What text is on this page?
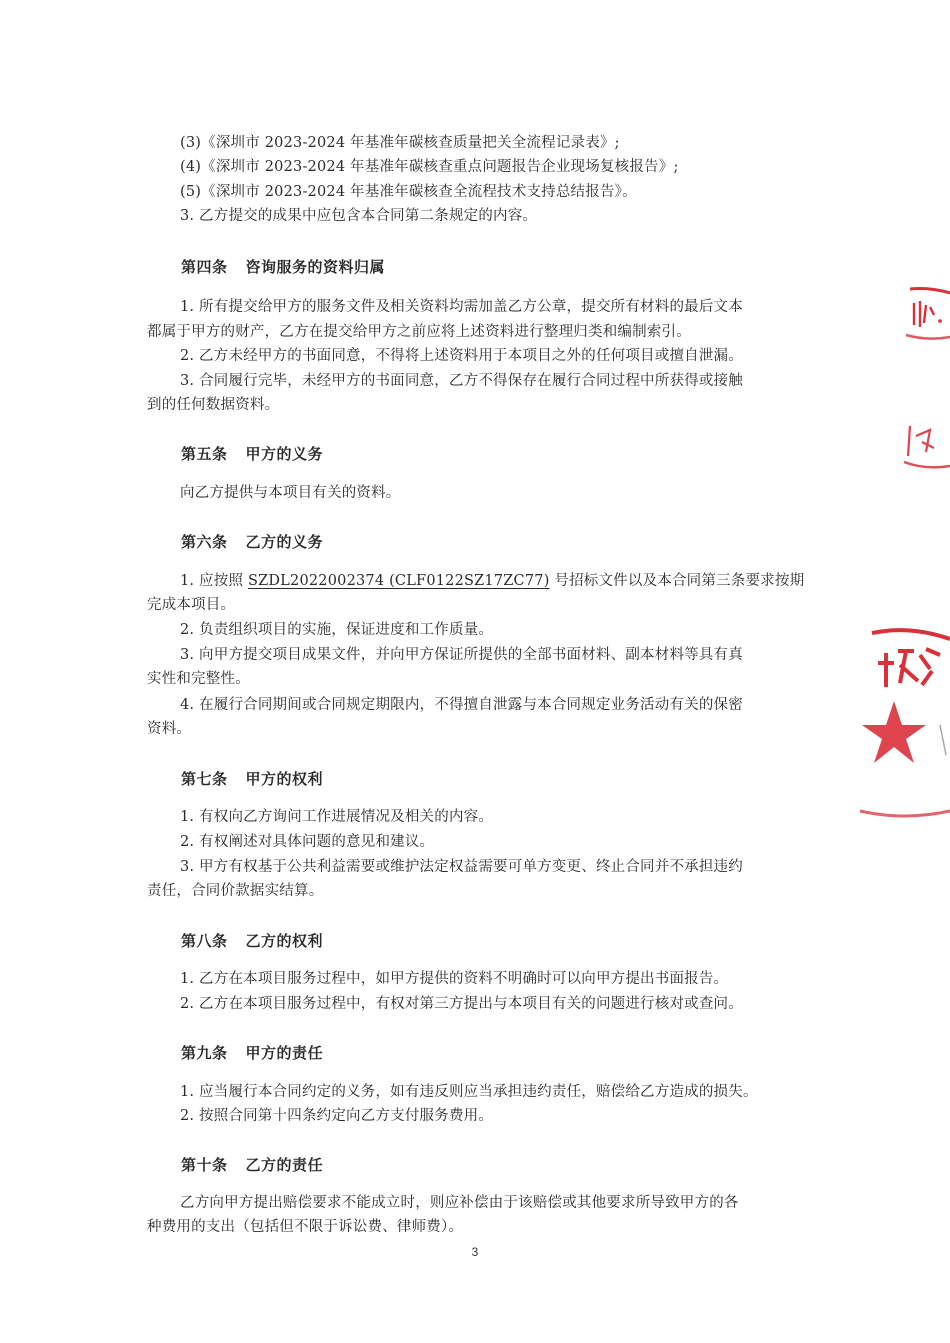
(3)《深圳市 2023-2024 年基准年碳核查质量把关全流程记录表》;
(4)《深圳市 2023-2024 年基准年碳核查重点问题报告企业现场复核报告》;
(5)《深圳市 2023-2024 年基准年碳核查全流程技术支持总结报告》。
3. 乙方提交的成果中应包含本合同第二条规定的内容。
第四条 咨询服务的资料归属
1. 所有提交给甲方的服务文件及相关资料均需加盖乙方公章，提交所有材料的最后文本
都属于甲方的财产，乙方在提交给甲方之前应将上述资料进行整理归类和编制索引。
2. 乙方未经甲方的书面同意，不得将上述资料用于本项目之外的任何项目或擅自泄漏。
3. 合同履行完毕，未经甲方的书面同意，乙方不得保存在履行合同过程中所获得或接触
到的任何数据资料。
第五条 甲方的义务
向乙方提供与本项目有关的资料。
第六条 乙方的义务
1. 应按照 SZDL2022002374 (CLF0122SZ17ZC77) 号招标文件以及本合同第三条要求按期
完成本项目。
2. 负责组织项目的实施，保证进度和工作质量。
3. 向甲方提交项目成果文件，并向甲方保证所提供的全部书面材料、副本材料等具有真
实性和完整性。
4. 在履行合同期间或合同规定期限内，不得擅自泄露与本合同规定业务活动有关的保密
资料。
第七条 甲方的权利
1. 有权向乙方询问工作进展情况及相关的内容。
2. 有权阐述对具体问题的意见和建议。
3. 甲方有权基于公共利益需要或维护法定权益需要可单方变更、终止合同并不承担违约
责任，合同价款据实结算。
第八条 乙方的权利
1. 乙方在本项目服务过程中，如甲方提供的资料不明确时可以向甲方提出书面报告。
2. 乙方在本项目服务过程中，有权对第三方提出与本项目有关的问题进行核对或查问。
第九条 甲方的责任
1. 应当履行本合同约定的义务，如有违反则应当承担违约责任，赔偿给乙方造成的损失。
2. 按照合同第十四条约定向乙方支付服务费用。
第十条 乙方的责任
乙方向甲方提出赔偿要求不能成立时，则应补偿由于该赔偿或其他要求所导致甲方的各
种费用的支出（包括但不限于诉讼费、律师费）。
3
